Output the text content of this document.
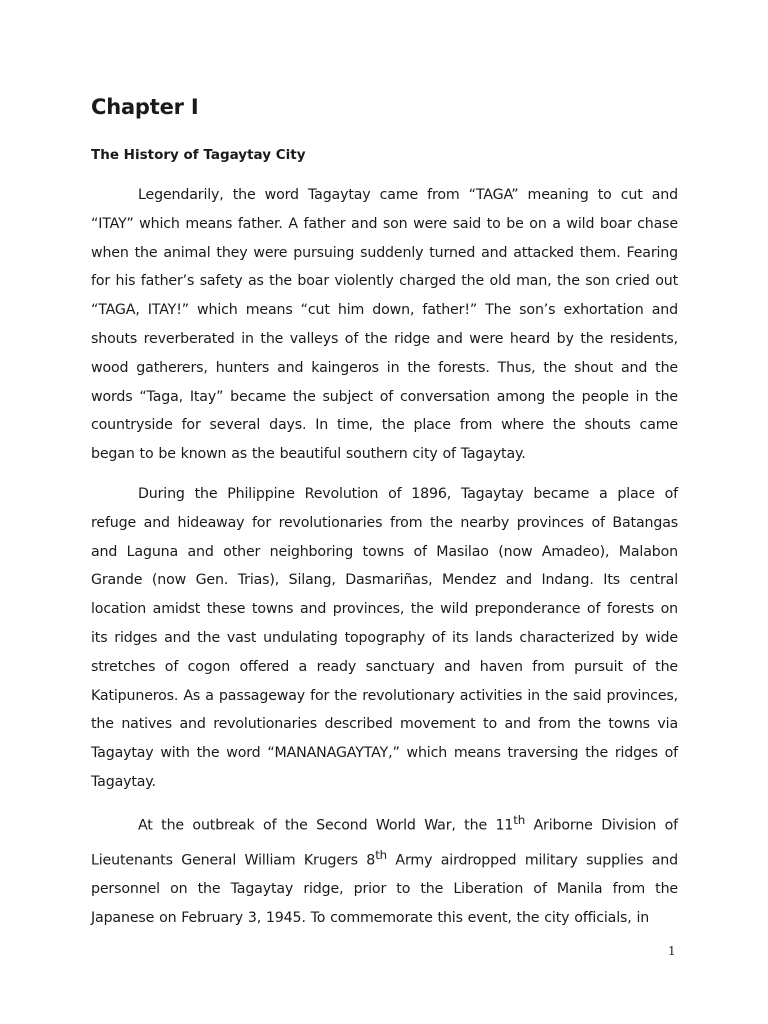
Chapter I
The History of Tagaytay City

Legendarily, the word Tagaytay came from “TAGA” meaning to cut and “ITAY” which means father. A father and son were said to be on a wild boar chase when the animal they were pursuing suddenly turned and attacked them. Fearing for his father’s safety as the boar violently charged the old man, the son cried out “TAGA, ITAY!” which means “cut him down, father!” The son’s exhortation and shouts reverberated in the valleys of the ridge and were heard by the residents, wood gatherers, hunters and kaingeros in the forests. Thus, the shout and the words “Taga, Itay” became the subject of conversation among the people in the countryside for several days. In time, the place from where the shouts came began to be known as the beautiful southern city of Tagaytay.

During the Philippine Revolution of 1896, Tagaytay became a place of refuge and hideaway for revolutionaries from the nearby provinces of Batangas and Laguna and other neighboring towns of Masilao (now Amadeo), Malabon Grande (now Gen. Trias), Silang, Dasmariñas, Mendez and Indang. Its central location amidst these towns and provinces, the wild preponderance of forests on its ridges and the vast undulating topography of its lands characterized by wide stretches of cogon offered a ready sanctuary and haven from pursuit of the Katipuneros. As a passageway for the revolutionary activities in the said provinces, the natives and revolutionaries described movement to and from the towns via Tagaytay with the word “MANANAGAYTAY,” which means traversing the ridges of Tagaytay.

At the outbreak of the Second World War, the 11th Ariborne Division of Lieutenants General William Krugers 8th Army airdropped military supplies and personnel on the Tagaytay ridge, prior to the Liberation of Manila from the Japanese on February 3, 1945. To commemorate this event, the city officials, in

1
